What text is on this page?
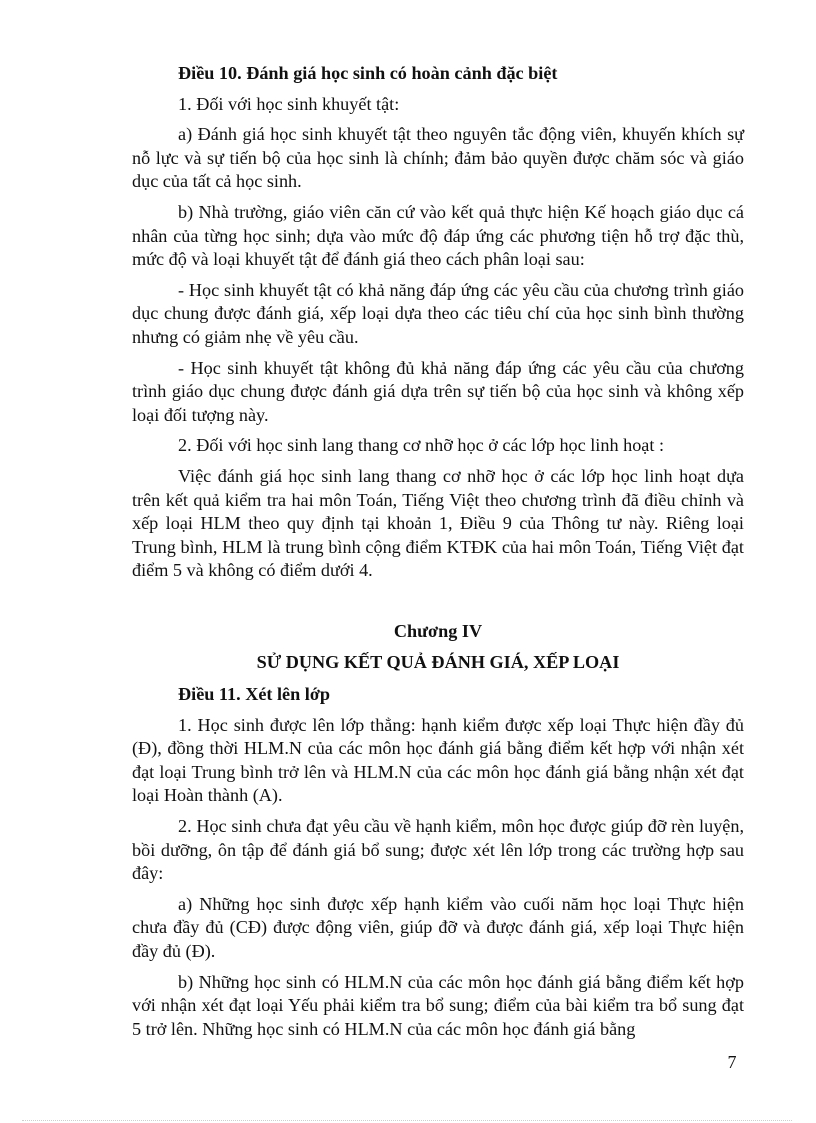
Điều 10. Đánh giá học sinh có hoàn cảnh đặc biệt

1. Đối với học sinh khuyết tật:

a) Đánh giá học sinh khuyết tật theo nguyên tắc động viên, khuyến khích sự nỗ lực và sự tiến bộ của học sinh là chính; đảm bảo quyền được chăm sóc và giáo dục của tất cả học sinh.

b) Nhà trường, giáo viên căn cứ vào kết quả thực hiện Kế hoạch giáo dục cá nhân của từng học sinh; dựa vào mức độ đáp ứng các phương tiện hỗ trợ đặc thù, mức độ và loại khuyết tật để đánh giá theo cách phân loại sau:

- Học sinh khuyết tật có khả năng đáp ứng các yêu cầu của chương trình giáo dục chung được đánh giá, xếp loại dựa theo các tiêu chí của học sinh bình thường nhưng có giảm nhẹ về yêu cầu.

- Học sinh khuyết tật không đủ khả năng đáp ứng các yêu cầu của chương trình giáo dục chung được đánh giá dựa trên sự tiến bộ của học sinh và không xếp loại đối tượng này.

2. Đối với học sinh lang thang cơ nhỡ học ở các lớp học linh hoạt :

Việc đánh giá học sinh lang thang cơ nhỡ học ở các lớp học linh hoạt dựa trên kết quả kiểm tra hai môn Toán, Tiếng Việt theo chương trình đã điều chỉnh và xếp loại HLM theo quy định tại khoản 1, Điều 9 của Thông tư này. Riêng loại Trung bình, HLM là trung bình cộng điểm KTĐK của hai môn Toán, Tiếng Việt đạt điểm 5 và không có điểm dưới 4.

Chương IV

SỬ DỤNG KẾT QUẢ ĐÁNH GIÁ, XẾP LOẠI

Điều 11. Xét lên lớp

1. Học sinh được lên lớp thẳng: hạnh kiểm được xếp loại Thực hiện đầy đủ (Đ), đồng thời HLM.N của các môn học đánh giá bằng điểm kết hợp với nhận xét đạt loại Trung bình trở lên và HLM.N của các môn học đánh giá bằng nhận xét đạt loại Hoàn thành (A).

2. Học sinh chưa đạt yêu cầu về hạnh kiểm, môn học được giúp đỡ rèn luyện, bồi dưỡng, ôn tập để đánh giá bổ sung; được xét lên lớp trong các trường hợp sau đây:

a) Những học sinh được xếp hạnh kiểm vào cuối năm học loại Thực hiện chưa đầy đủ (CĐ) được động viên, giúp đỡ và được đánh giá, xếp loại Thực hiện đầy đủ (Đ).

b) Những học sinh có HLM.N của các môn học đánh giá bằng điểm kết hợp với nhận xét đạt loại Yếu phải kiểm tra bổ sung; điểm của bài kiểm tra bổ sung đạt 5 trở lên. Những học sinh có HLM.N của các môn học đánh giá bằng

7
